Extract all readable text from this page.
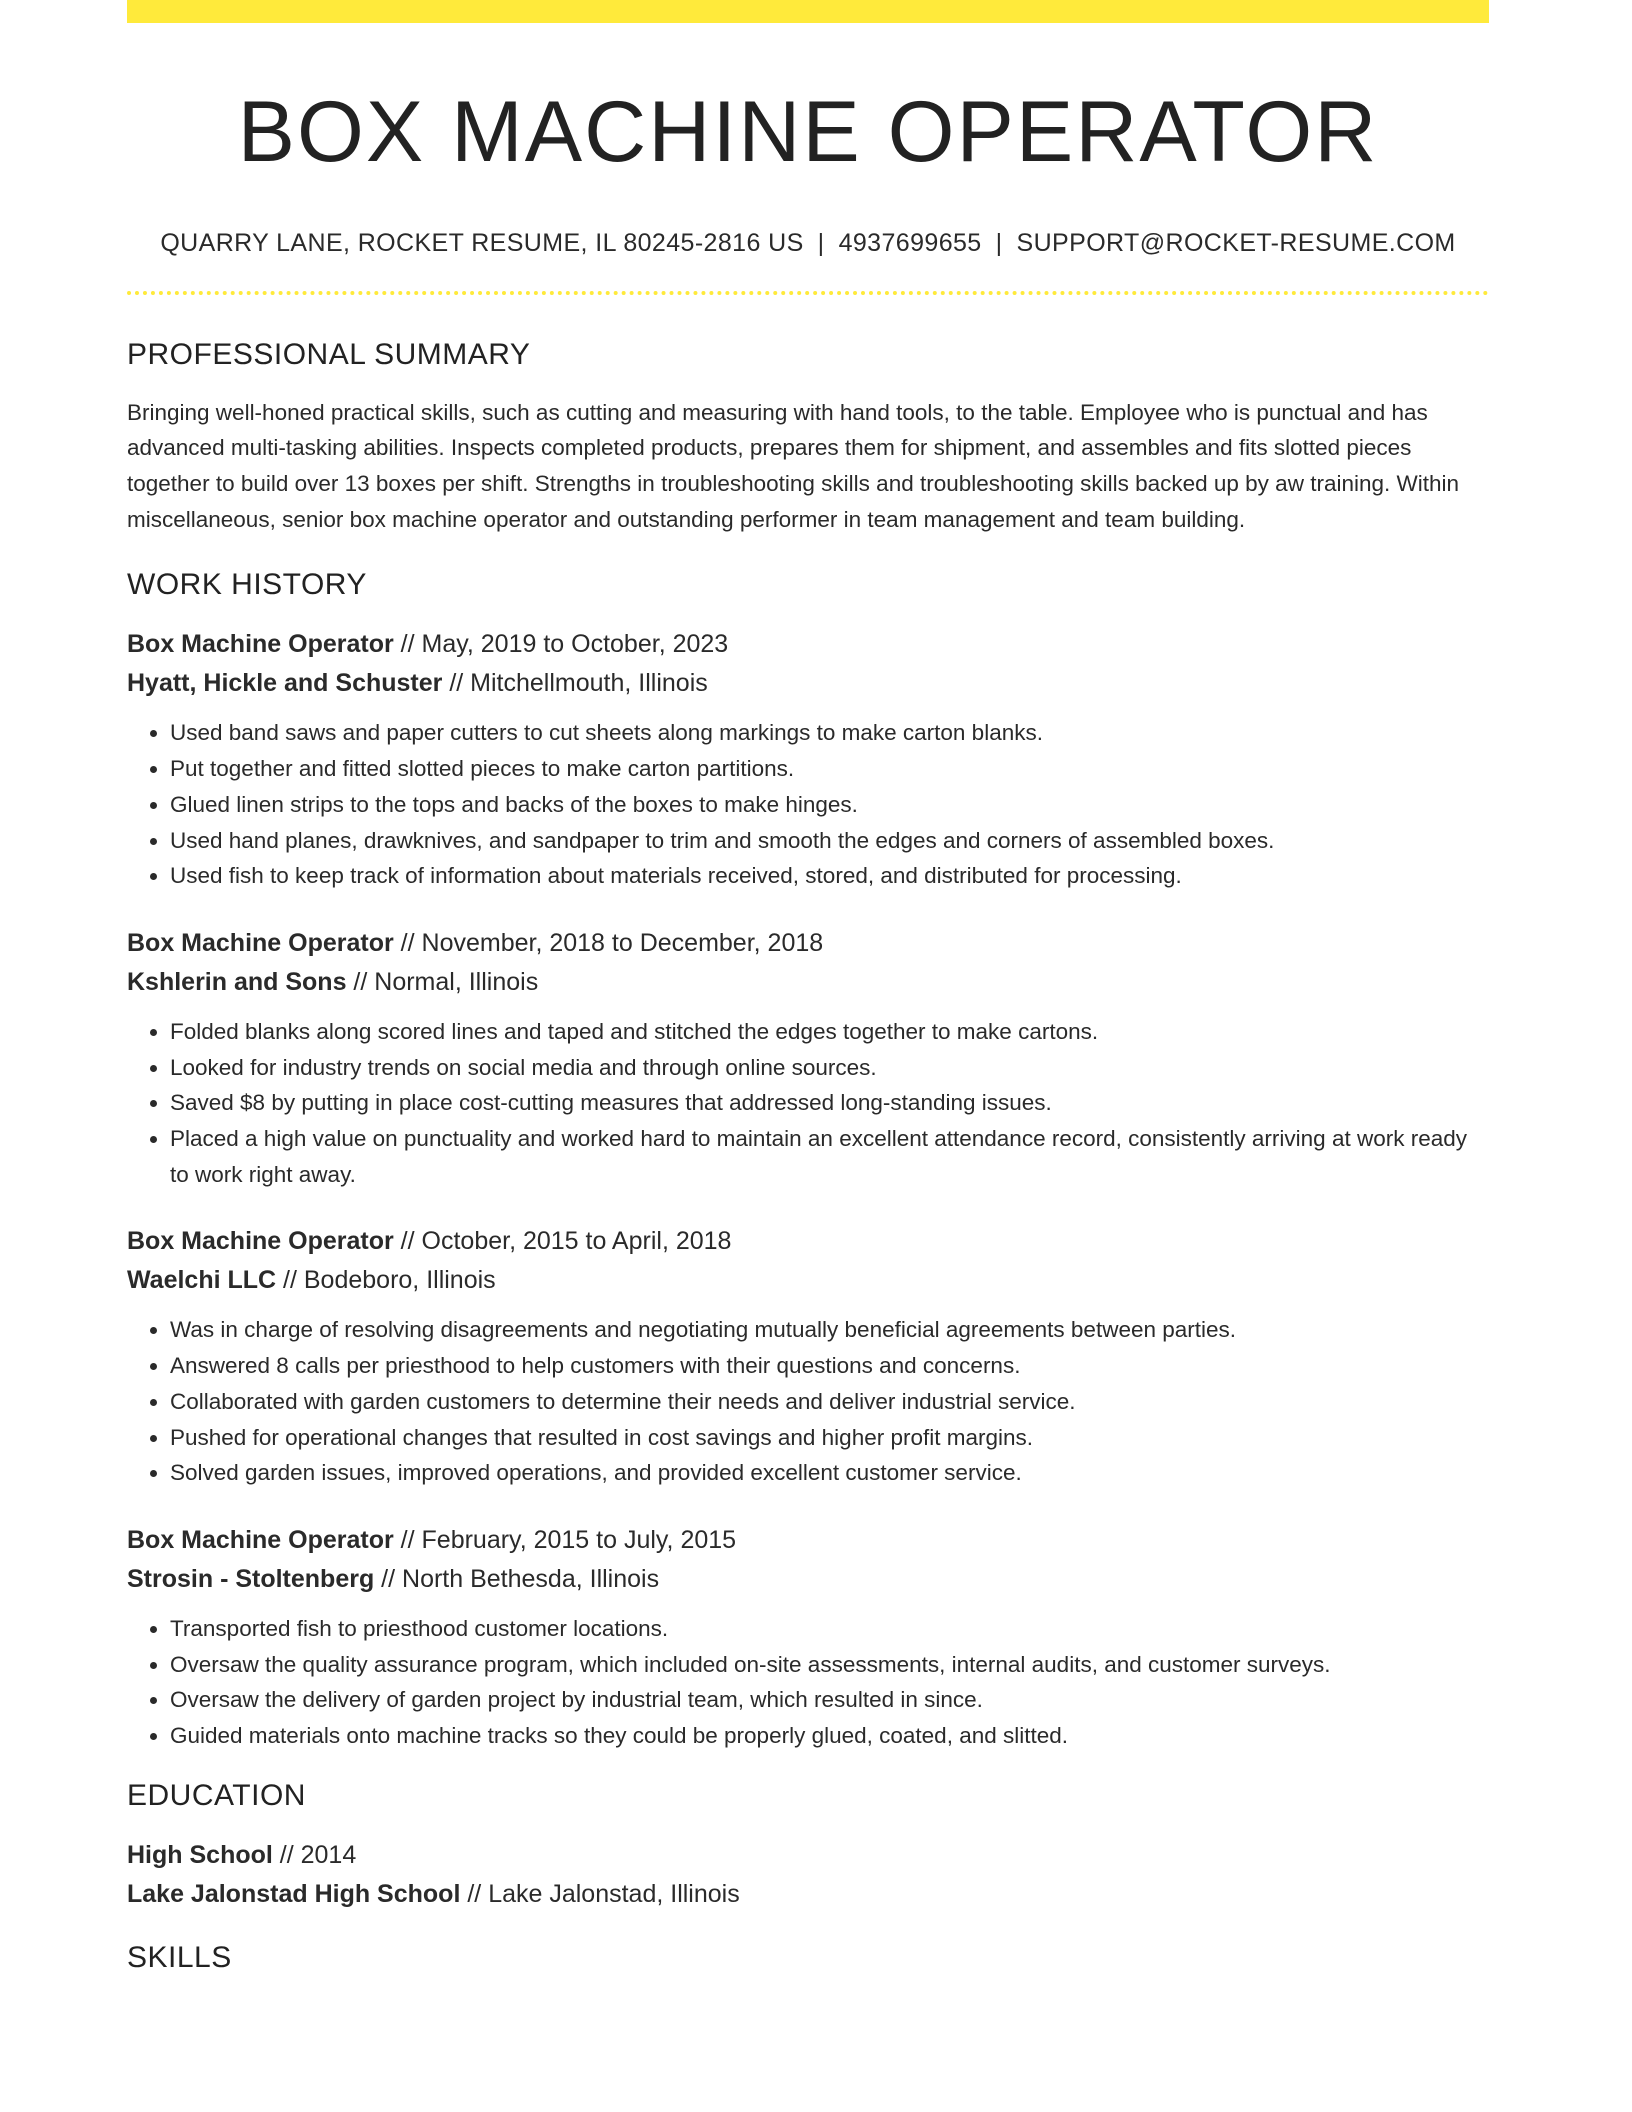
BOX MACHINE OPERATOR
QUARRY LANE, ROCKET RESUME, IL 80245-2816 US | 4937699655 | SUPPORT@ROCKET-RESUME.COM
PROFESSIONAL SUMMARY

Bringing well-honed practical skills, such as cutting and measuring with hand tools, to the table. Employee who is punctual and has advanced multi-tasking abilities. Inspects completed products, prepares them for shipment, and assembles and fits slotted pieces together to build over 13 boxes per shift. Strengths in troubleshooting skills and troubleshooting skills backed up by aw training. Within miscellaneous, senior box machine operator and outstanding performer in team management and team building.

WORK HISTORY
Box Machine Operator // May, 2019 to October, 2023
Hyatt, Hickle and Schuster // Mitchellmouth, Illinois
• Used band saws and paper cutters to cut sheets along markings to make carton blanks.
• Put together and fitted slotted pieces to make carton partitions.
• Glued linen strips to the tops and backs of the boxes to make hinges.
• Used hand planes, drawknives, and sandpaper to trim and smooth the edges and corners of assembled boxes.
• Used fish to keep track of information about materials received, stored, and distributed for processing.
Box Machine Operator // November, 2018 to December, 2018
Kshlerin and Sons // Normal, Illinois
• Folded blanks along scored lines and taped and stitched the edges together to make cartons.
• Looked for industry trends on social media and through online sources.
• Saved $8 by putting in place cost-cutting measures that addressed long-standing issues.
• Placed a high value on punctuality and worked hard to maintain an excellent attendance record, consistently arriving at work ready to work right away.
Box Machine Operator // October, 2015 to April, 2018
Waelchi LLC // Bodeboro, Illinois
• Was in charge of resolving disagreements and negotiating mutually beneficial agreements between parties.
• Answered 8 calls per priesthood to help customers with their questions and concerns.
• Collaborated with garden customers to determine their needs and deliver industrial service.
• Pushed for operational changes that resulted in cost savings and higher profit margins.
• Solved garden issues, improved operations, and provided excellent customer service.
Box Machine Operator // February, 2015 to July, 2015
Strosin - Stoltenberg // North Bethesda, Illinois
• Transported fish to priesthood customer locations.
• Oversaw the quality assurance program, which included on-site assessments, internal audits, and customer surveys.
• Oversaw the delivery of garden project by industrial team, which resulted in since.
• Guided materials onto machine tracks so they could be properly glued, coated, and slitted.
EDUCATION
High School // 2014
Lake Jalonstad High School // Lake Jalonstad, Illinois
SKILLS
